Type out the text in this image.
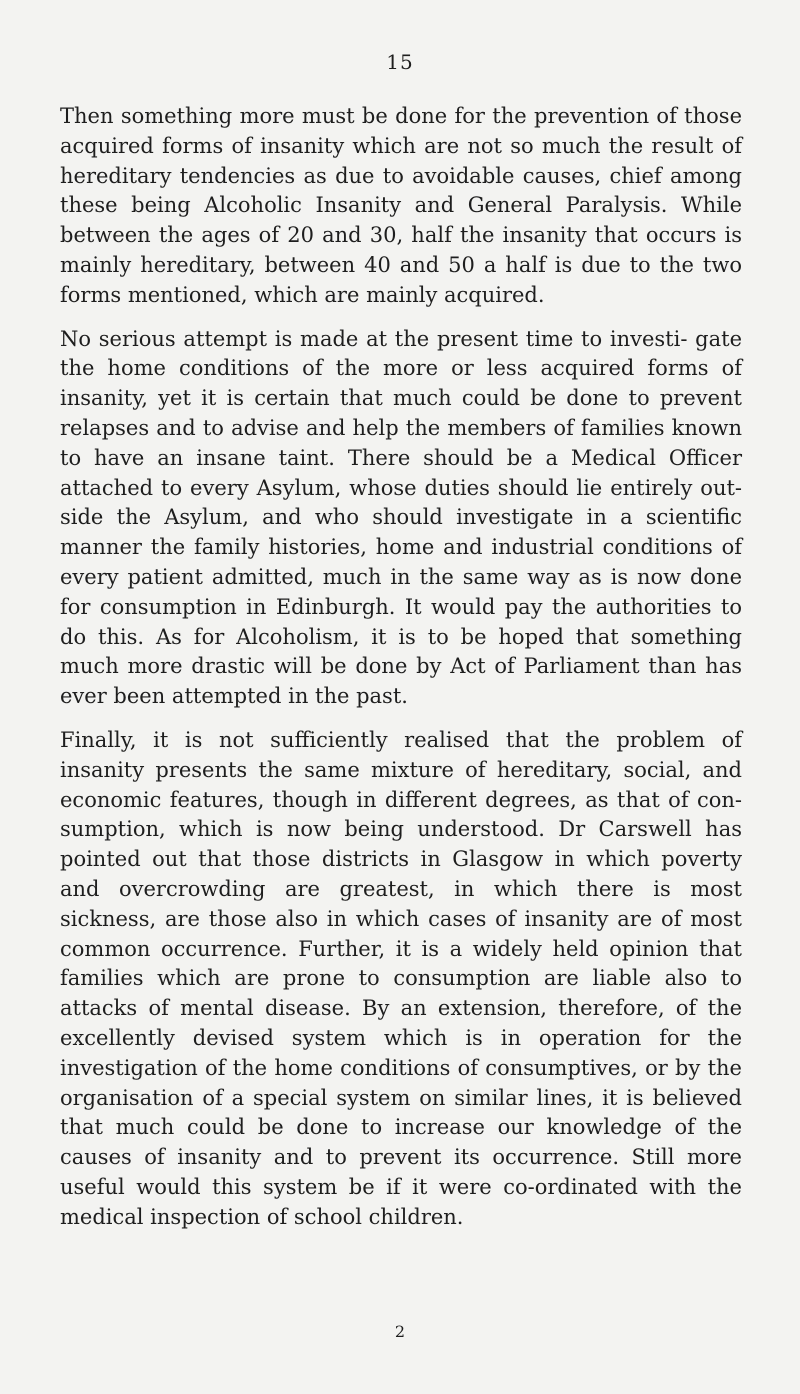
15

Then something more must be done for the prevention of those acquired forms of insanity which are not so much the result of hereditary tendencies as due to avoidable causes, chief among these being Alcoholic Insanity and General Paralysis. While between the ages of 20 and 30, half the insanity that occurs is mainly hereditary, between 40 and 50 a half is due to the two forms mentioned, which are mainly acquired.

No serious attempt is made at the present time to investi- gate the home conditions of the more or less acquired forms of insanity, yet it is certain that much could be done to prevent relapses and to advise and help the members of families known to have an insane taint. There should be a Medical Officer attached to every Asylum, whose duties should lie entirely out- side the Asylum, and who should investigate in a scientific manner the family histories, home and industrial conditions of every patient admitted, much in the same way as is now done for consumption in Edinburgh. It would pay the authorities to do this. As for Alcoholism, it is to be hoped that something much more drastic will be done by Act of Parliament than has ever been attempted in the past.

Finally, it is not sufficiently realised that the problem of insanity presents the same mixture of hereditary, social, and economic features, though in different degrees, as that of con- sumption, which is now being understood. Dr Carswell has pointed out that those districts in Glasgow in which poverty and overcrowding are greatest, in which there is most sickness, are those also in which cases of insanity are of most common occurrence. Further, it is a widely held opinion that families which are prone to consumption are liable also to attacks of mental disease. By an extension, therefore, of the excellently devised system which is in operation for the investigation of the home conditions of consumptives, or by the organisation of a special system on similar lines, it is believed that much could be done to increase our knowledge of the causes of insanity and to prevent its occurrence. Still more useful would this system be if it were co-ordinated with the medical inspection of school children.

2
